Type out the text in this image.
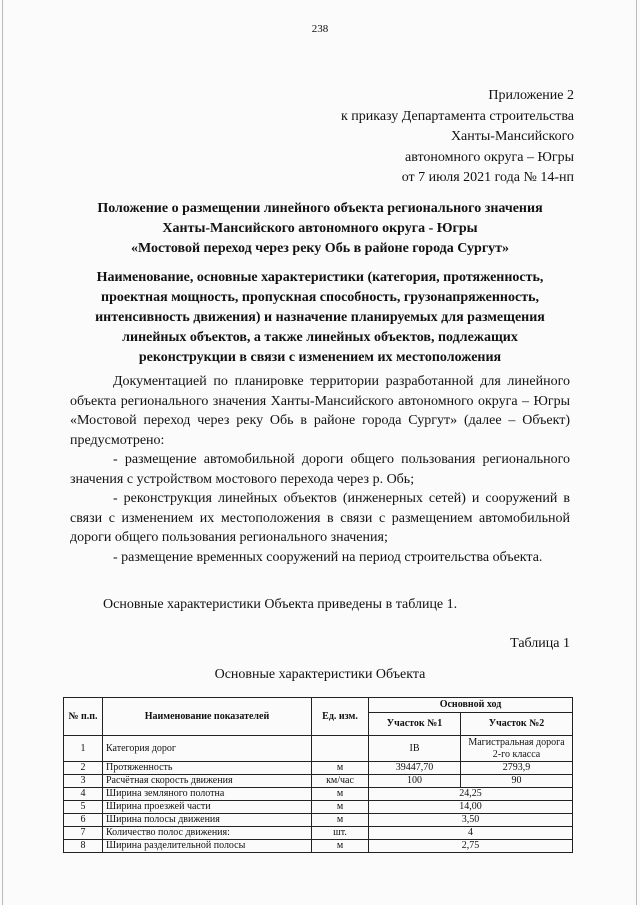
238
Приложение 2
к приказу Департамента строительства
Ханты-Мансийского
автономного округа – Югры
от 7 июля 2021 года № 14-нп
Положение о размещении линейного объекта регионального значения
Ханты-Мансийского автономного округа - Югры
«Мостовой переход через реку Обь в районе города Сургут»
Наименование, основные характеристики (категория, протяженность,
проектная мощность, пропускная способность, грузонапряженность,
интенсивность движения) и назначение планируемых для размещения
линейных объектов, а также линейных объектов, подлежащих
реконструкции в связи с изменением их местоположения

Документацией по планировке территории разработанной для линейного объекта регионального значения Ханты-Мансийского автономного округа – Югры «Мостовой переход через реку Обь в районе города Сургут» (далее – Объект) предусмотрено:

- размещение автомобильной дороги общего пользования регионального значения с устройством мостового перехода через р. Обь;

- реконструкция линейных объектов (инженерных сетей) и сооружений в связи с изменением их местоположения в связи с размещением автомобильной дороги общего пользования регионального значения;

- размещение временных сооружений на период строительства объекта.

Основные характеристики Объекта приведены в таблице 1.
Таблица 1
Основные характеристики Объекта
№ п.п.	Наименование показателей	Ед. изм.	Основной ход	
			Участок №1	Участок №2
1	Категория дорог		IB	Магистральная дорога 2-го класса
2	Протяженность	м	39447,70	2793,9
3	Расчётная скорость движения	км/час	100	90
4	Ширина земляного полотна	м	24,25	
5	Ширина проезжей части	м	14,00	
6	Ширина полосы движения	м	3,50	
7	Количество полос движения:	шт.	4	
8	Ширина разделительной полосы	м	2,75	
